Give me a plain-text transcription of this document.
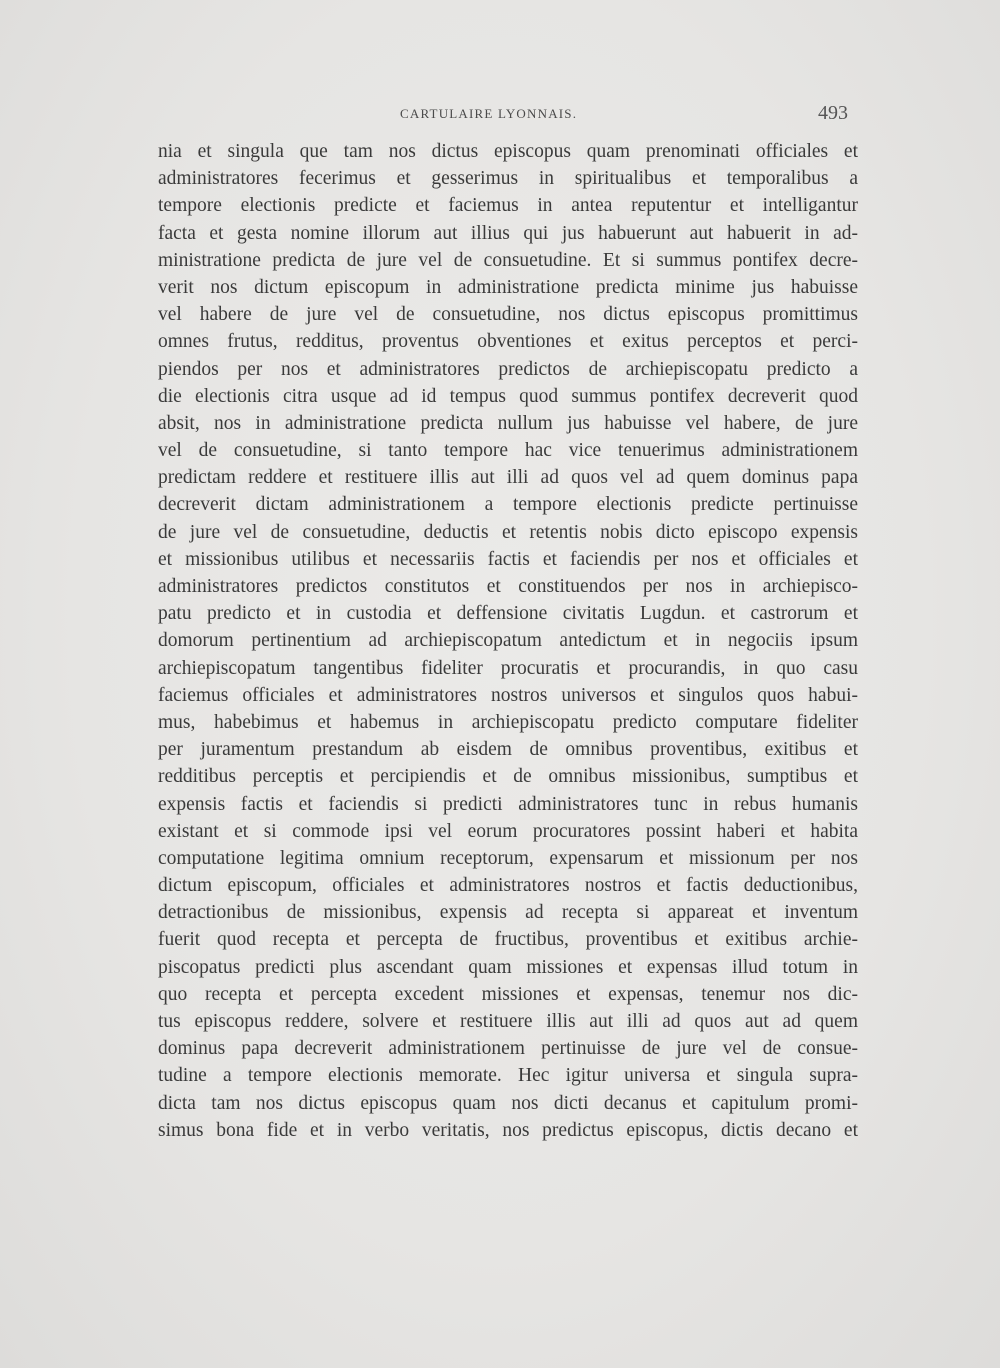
CARTULAIRE LYONNAIS.	493
nia et singula que tam nos dictus episcopus quam prenominati officiales et
administratores fecerimus et gesserimus in spiritualibus et temporalibus a
tempore electionis predicte et faciemus in antea reputentur et intelligantur
facta et gesta nomine illorum aut illius qui jus habuerunt aut habuerit in ad-
ministratione predicta de jure vel de consuetudine. Et si summus pontifex decre-
verit nos dictum episcopum in administratione predicta minime jus habuisse
vel habere de jure vel de consuetudine, nos dictus episcopus promittimus
omnes frutus, redditus, proventus obventiones et exitus perceptos et perci-
piendos per nos et administratores predictos de archiepiscopatu predicto a
die electionis citra usque ad id tempus quod summus pontifex decreverit quod
absit, nos in administratione predicta nullum jus habuisse vel habere, de jure
vel de consuetudine, si tanto tempore hac vice tenuerimus administrationem
predictam reddere et restituere illis aut illi ad quos vel ad quem dominus papa
decreverit dictam administrationem a tempore electionis predicte pertinuisse
de jure vel de consuetudine, deductis et retentis nobis dicto episcopo expensis
et missionibus utilibus et necessariis factis et faciendis per nos et officiales et
administratores predictos constitutos et constituendos per nos in archiepisco-
patu predicto et in custodia et deffensione civitatis Lugdun. et castrorum et
domorum pertinentium ad archiepiscopatum antedictum et in negociis ipsum
archiepiscopatum tangentibus fideliter procuratis et procurandis, in quo casu
faciemus officiales et administratores nostros universos et singulos quos habui-
mus, habebimus et habemus in archiepiscopatu predicto computare fideliter
per juramentum prestandum ab eisdem de omnibus proventibus, exitibus et
redditibus perceptis et percipiendis et de omnibus missionibus, sumptibus et
expensis factis et faciendis si predicti administratores tunc in rebus humanis
existant et si commode ipsi vel eorum procuratores possint haberi et habita
computatione legitima omnium receptorum, expensarum et missionum per nos
dictum episcopum, officiales et administratores nostros et factis deductionibus,
detractionibus de missionibus, expensis ad recepta si appareat et inventum
fuerit quod recepta et percepta de fructibus, proventibus et exitibus archie-
piscopatus predicti plus ascendant quam missiones et expensas illud totum in
quo recepta et percepta excedent missiones et expensas, tenemur nos dic-
tus episcopus reddere, solvere et restituere illis aut illi ad quos aut ad quem
dominus papa decreverit administrationem pertinuisse de jure vel de consue-
tudine a tempore electionis memorate. Hec igitur universa et singula supra-
dicta tam nos dictus episcopus quam nos dicti decanus et capitulum promi-
simus bona fide et in verbo veritatis, nos predictus episcopus, dictis decano et
